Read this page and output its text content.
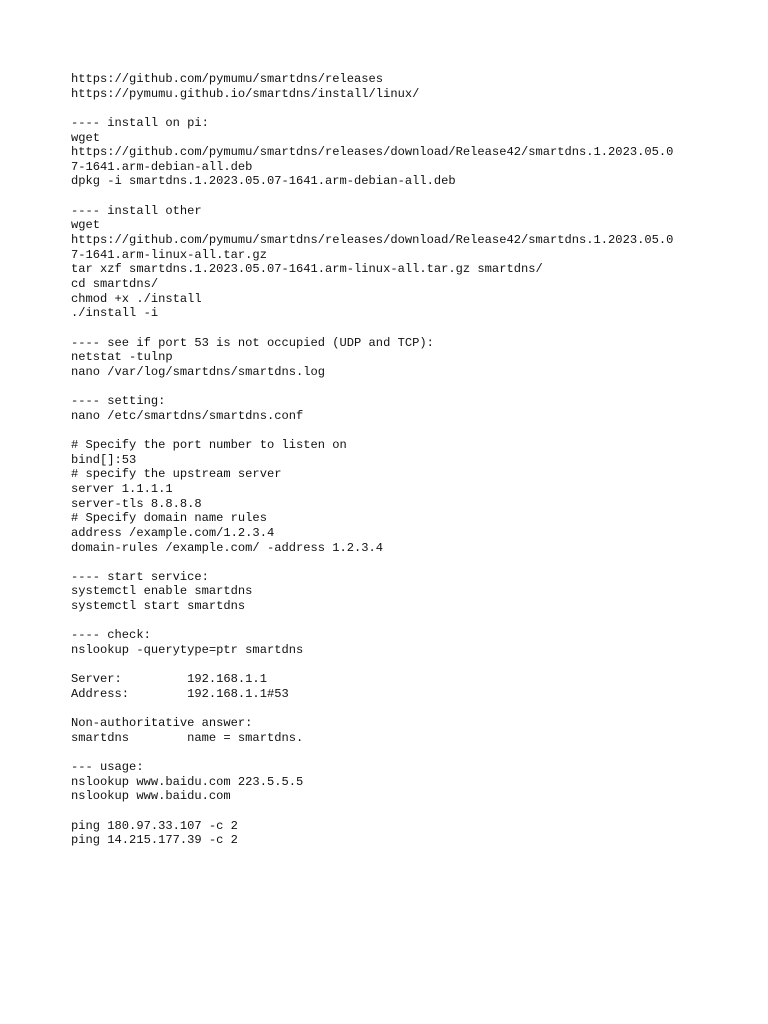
https://github.com/pymumu/smartdns/releases
https://pymumu.github.io/smartdns/install/linux/
---- install on pi:
wget
https://github.com/pymumu/smartdns/releases/download/Release42/smartdns.1.2023.05.0
7-1641.arm-debian-all.deb
dpkg -i smartdns.1.2023.05.07-1641.arm-debian-all.deb
---- install other
wget
https://github.com/pymumu/smartdns/releases/download/Release42/smartdns.1.2023.05.0
7-1641.arm-linux-all.tar.gz
tar xzf smartdns.1.2023.05.07-1641.arm-linux-all.tar.gz smartdns/
cd smartdns/
chmod +x ./install
./install -i
---- see if port 53 is not occupied (UDP and TCP):
netstat -tulnp
nano /var/log/smartdns/smartdns.log
---- setting:
nano /etc/smartdns/smartdns.conf
# Specify the port number to listen on
bind[]:53
# specify the upstream server
server 1.1.1.1
server-tls 8.8.8.8
# Specify domain name rules
address /example.com/1.2.3.4
domain-rules /example.com/ -address 1.2.3.4
---- start service:
systemctl enable smartdns
systemctl start smartdns
---- check:
nslookup -querytype=ptr smartdns
Server:         192.168.1.1
Address:        192.168.1.1#53
Non-authoritative answer:
smartdns        name = smartdns.
--- usage:
nslookup www.baidu.com 223.5.5.5
nslookup www.baidu.com
ping 180.97.33.107 -c 2
ping 14.215.177.39 -c 2
